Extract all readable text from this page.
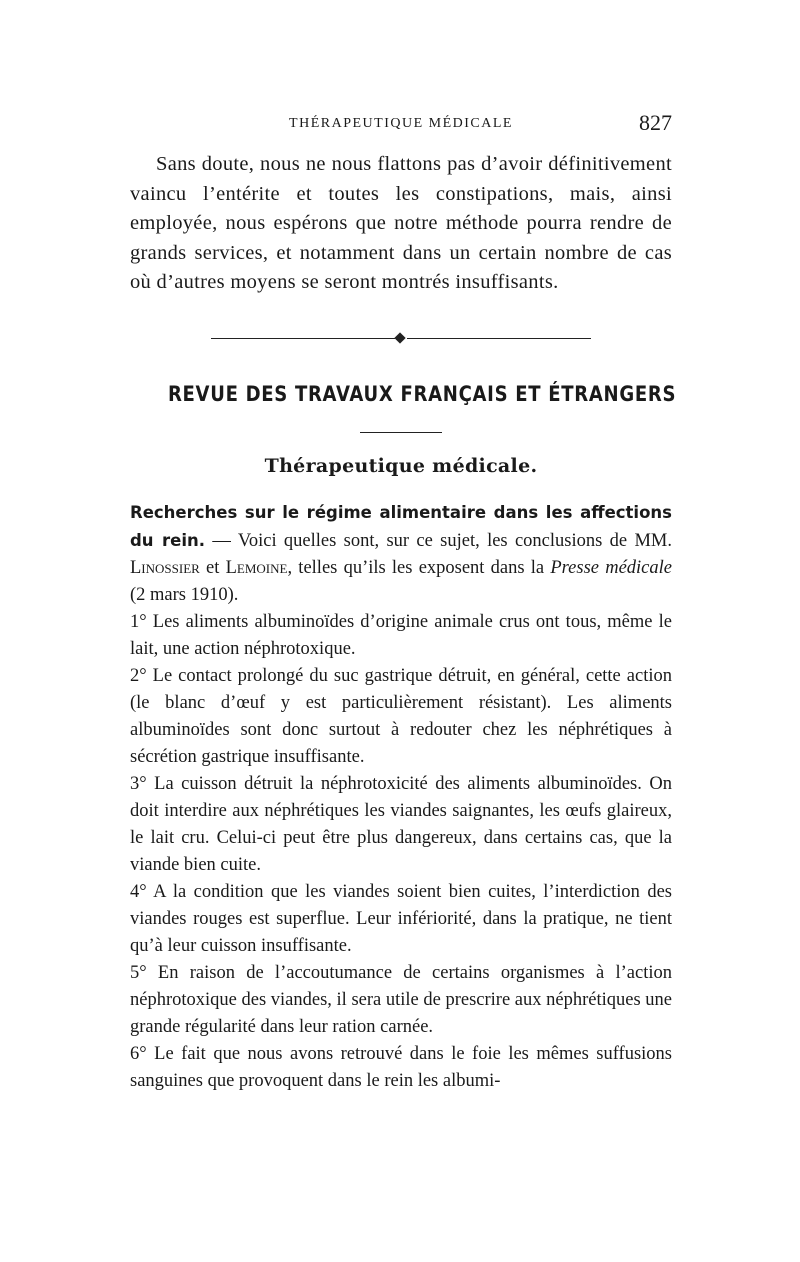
THÉRAPEUTIQUE MÉDICALE	827

Sans doute, nous ne nous flattons pas d’avoir définitivement vaincu l’entérite et toutes les constipations, mais, ainsi employée, nous espérons que notre méthode pourra rendre de grands services, et notamment dans un certain nombre de cas où d’autres moyens se seront montrés insuffisants.

REVUE DES TRAVAUX FRANÇAIS ET ÉTRANGERS
Thérapeutique médicale.

Recherches sur le régime alimentaire dans les affections du rein. — Voici quelles sont, sur ce sujet, les conclusions de MM. Linossier et Lemoine, telles qu’ils les exposent dans la Presse médicale (2 mars 1910).

1° Les aliments albuminoïdes d’origine animale crus ont tous, même le lait, une action néphrotoxique.

2° Le contact prolongé du suc gastrique détruit, en général, cette action (le blanc d’œuf y est particulièrement résistant). Les aliments albuminoïdes sont donc surtout à redouter chez les néphrétiques à sécrétion gastrique insuffisante.

3° La cuisson détruit la néphrotoxicité des aliments albuminoïdes. On doit interdire aux néphrétiques les viandes saignantes, les œufs glaireux, le lait cru. Celui-ci peut être plus dangereux, dans certains cas, que la viande bien cuite.

4° A la condition que les viandes soient bien cuites, l’interdiction des viandes rouges est superflue. Leur infériorité, dans la pratique, ne tient qu’à leur cuisson insuffisante.

5° En raison de l’accoutumance de certains organismes à l’action néphrotoxique des viandes, il sera utile de prescrire aux néphrétiques une grande régularité dans leur ration carnée.

6° Le fait que nous avons retrouvé dans le foie les mêmes suffusions sanguines que provoquent dans le rein les albumi-
